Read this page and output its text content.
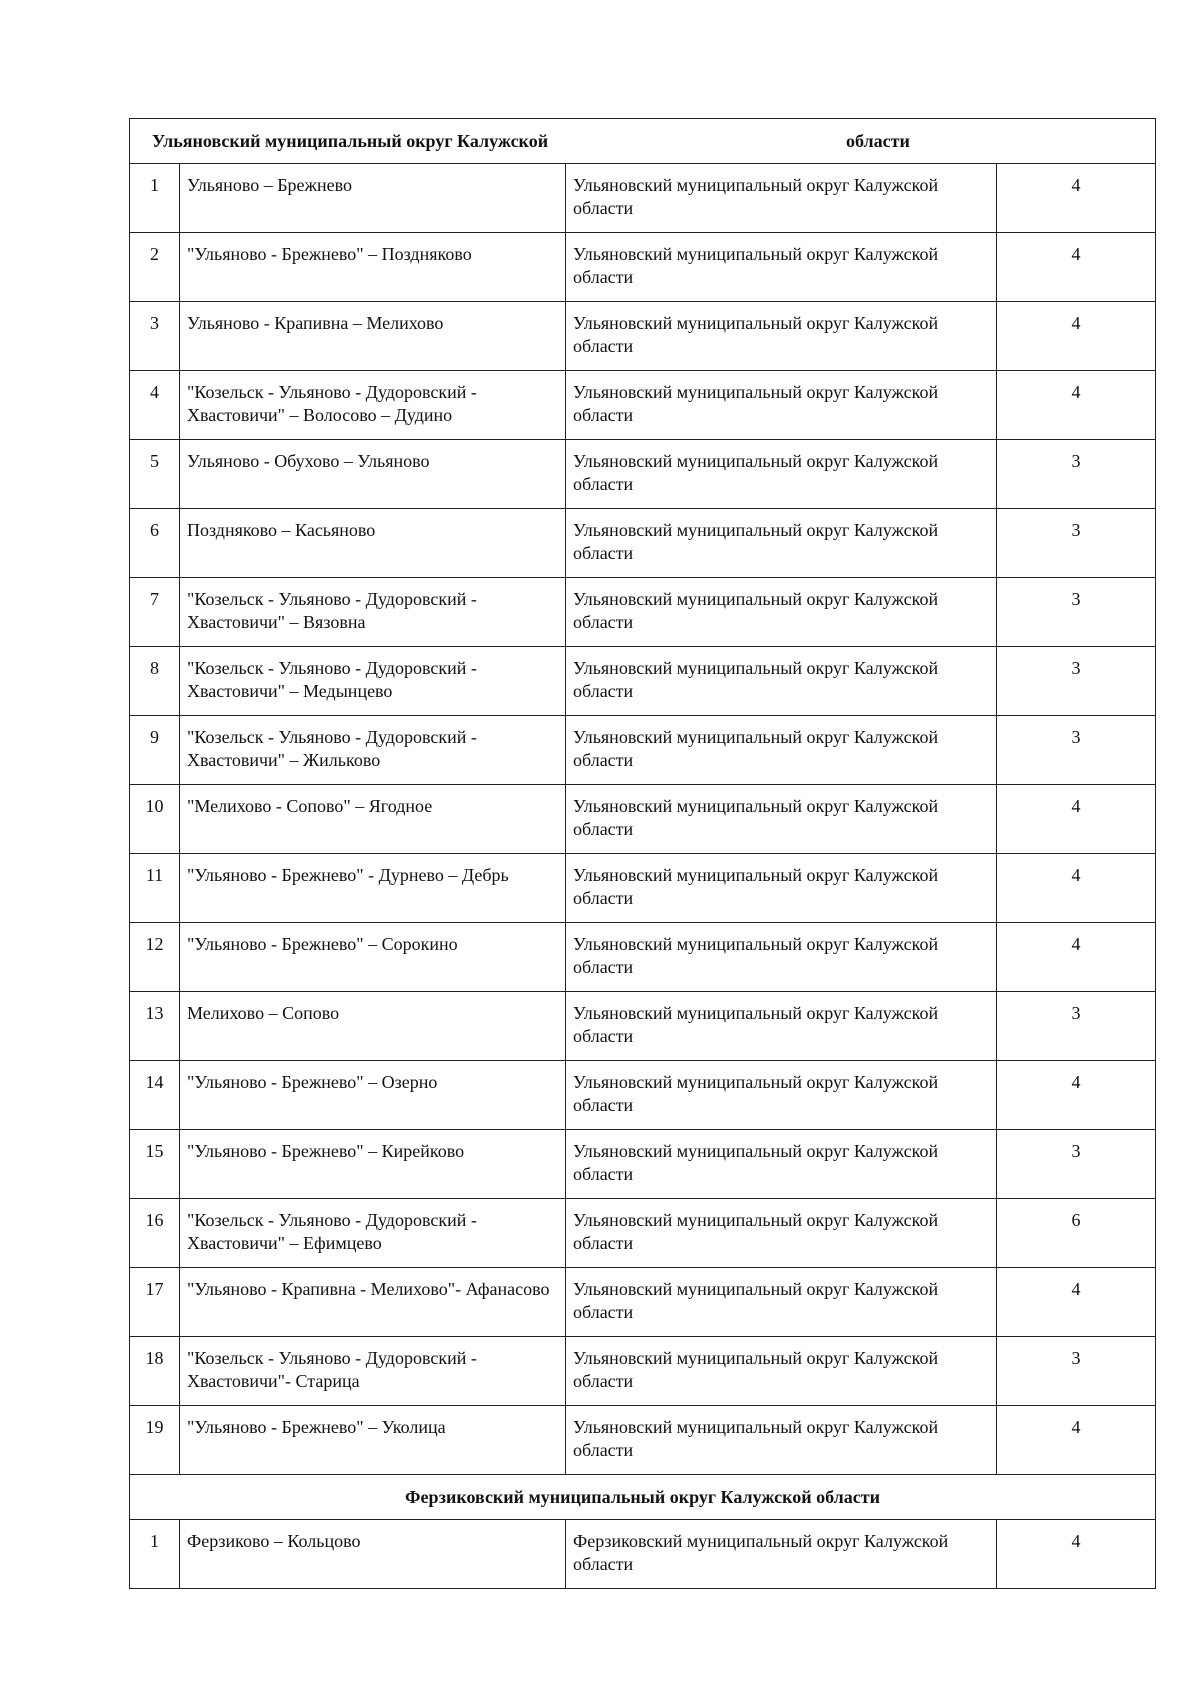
Ульяновский муниципальный округ Калужской области			

1	Ульяново – Брежнево	Ульяновский муниципальный округ Калужской области	4
2	"Ульяново - Брежнево" – Поздняково	Ульяновский муниципальный округ Калужской области	4
3	Ульяново - Крапивна – Мелихово	Ульяновский муниципальный округ Калужской области	4
4	"Козельск - Ульяново - Дудоровский - Хвастовичи" – Волосово – Дудино	Ульяновский муниципальный округ Калужской области	4
5	Ульяново - Обухово – Ульяново	Ульяновский муниципальный округ Калужской области	3
6	Поздняково – Касьяново	Ульяновский муниципальный округ Калужской области	3
7	"Козельск - Ульяново - Дудоровский - Хвастовичи" – Вязовна	Ульяновский муниципальный округ Калужской области	3
8	"Козельск - Ульяново - Дудоровский - Хвастовичи" – Медынцево	Ульяновский муниципальный округ Калужской области	3
9	"Козельск - Ульяново - Дудоровский - Хвастовичи" – Жильково	Ульяновский муниципальный округ Калужской области	3
10	"Мелихово - Сопово" – Ягодное	Ульяновский муниципальный округ Калужской области	4
11	"Ульяново - Брежнево" - Дурнево – Дебрь	Ульяновский муниципальный округ Калужской области	4
12	"Ульяново - Брежнево" – Сорокино	Ульяновский муниципальный округ Калужской области	4
13	Мелихово – Сопово	Ульяновский муниципальный округ Калужской области	3
14	"Ульяново - Брежнево" – Озерно	Ульяновский муниципальный округ Калужской области	4
15	"Ульяново - Брежнево" – Кирейково	Ульяновский муниципальный округ Калужской области	3
16	"Козельск - Ульяново - Дудоровский - Хвастовичи" – Ефимцево	Ульяновский муниципальный округ Калужской области	6
17	"Ульяново - Крапивна - Мелихово"- Афанасово	Ульяновский муниципальный округ Калужской области	4
18	"Козельск - Ульяново - Дудоровский - Хвастовичи"- Старица	Ульяновский муниципальный округ Калужской области	3
19	"Ульяново - Брежнево" – Уколица	Ульяновский муниципальный округ Калужской области	4
Ферзиковский муниципальный округ Калужской области			
1	Ферзиково – Кольцово	Ферзиковский муниципальный округ Калужской области	4
